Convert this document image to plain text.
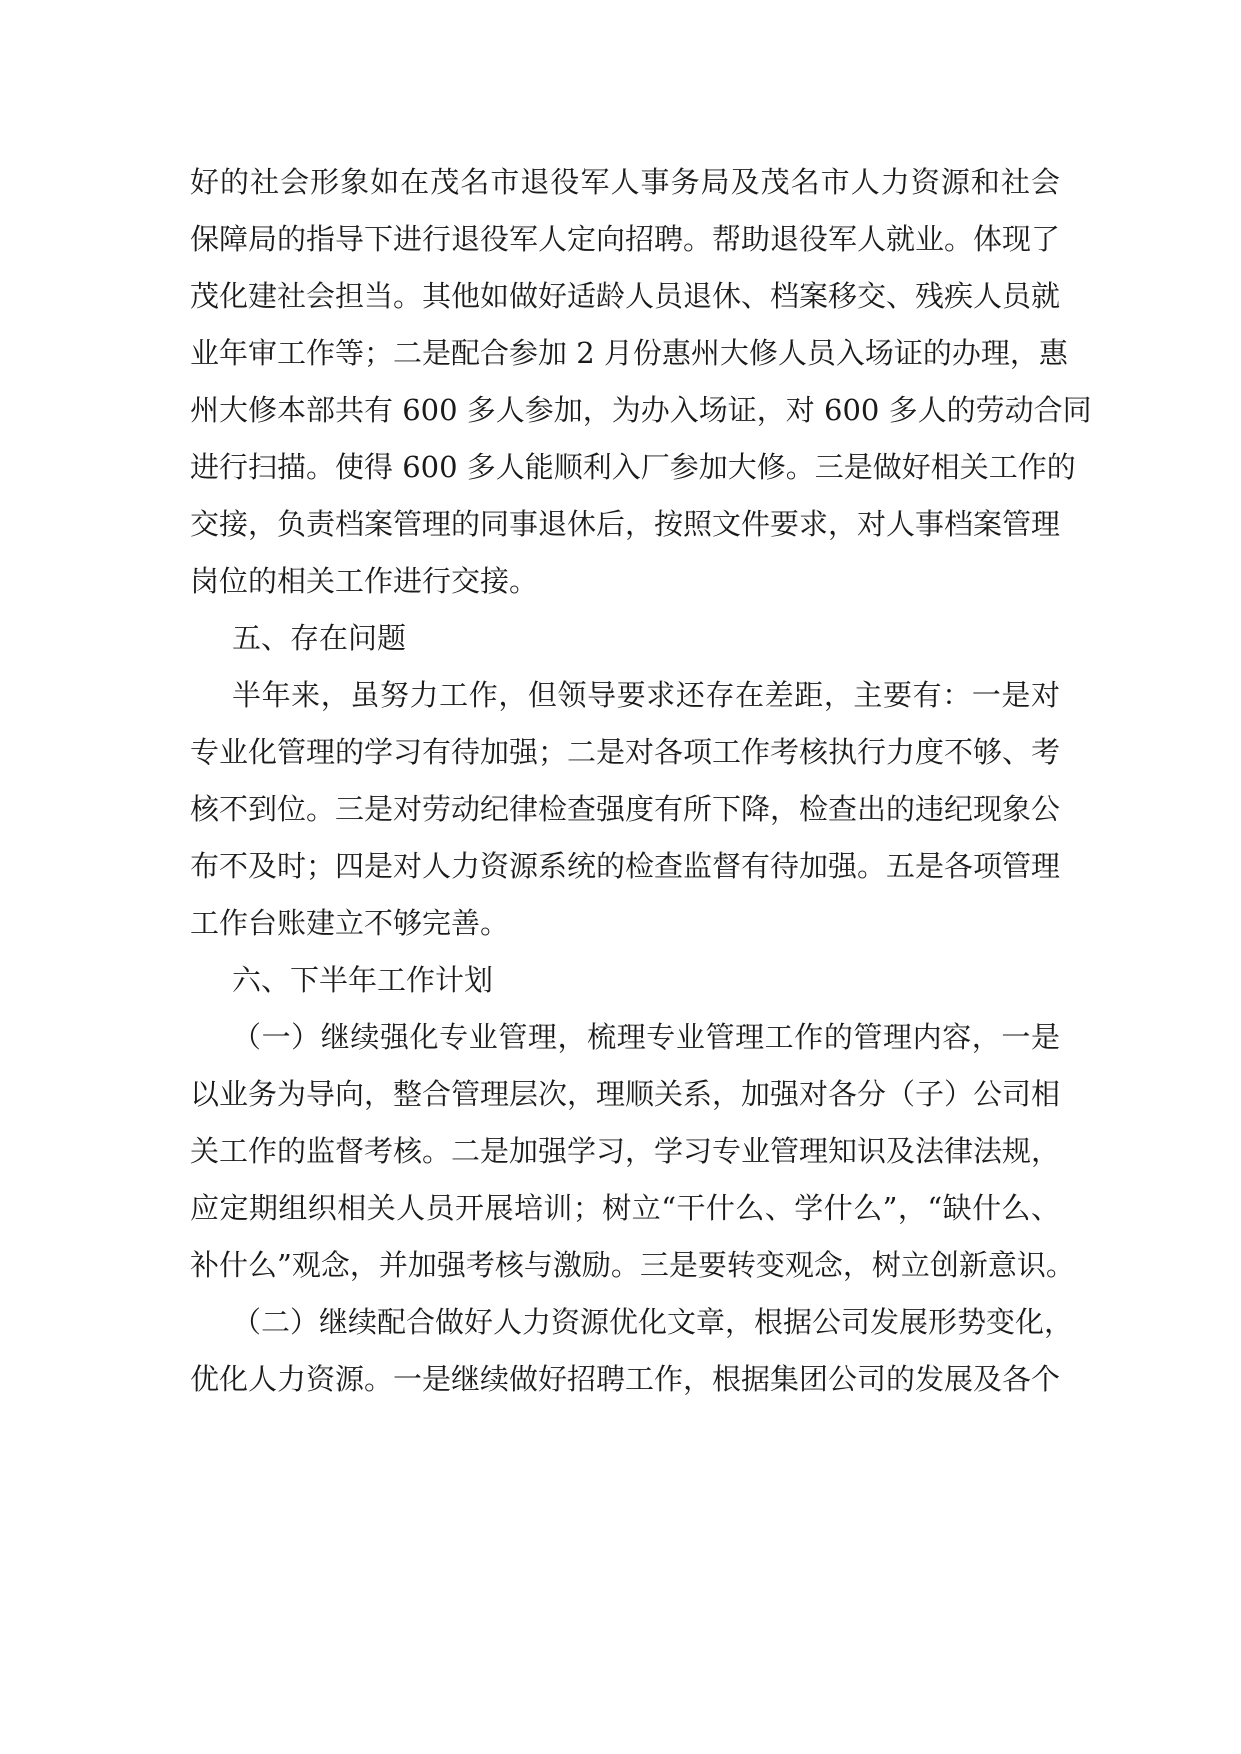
好的社会形象如在茂名市退役军人事务局及茂名市人力资源和社会
保障局的指导下进行退役军人定向招聘。帮助退役军人就业。体现了
茂化建社会担当。其他如做好适龄人员退休、档案移交、残疾人员就
业年审工作等；二是配合参加 2 月份惠州大修人员入场证的办理，惠
州大修本部共有 600 多人参加，为办入场证，对 600 多人的劳动合同
进行扫描。使得 600 多人能顺利入厂参加大修。三是做好相关工作的
交接，负责档案管理的同事退休后，按照文件要求，对人事档案管理
岗位的相关工作进行交接。
五、存在问题
半年来，虽努力工作，但领导要求还存在差距，主要有：一是对
专业化管理的学习有待加强；二是对各项工作考核执行力度不够、考
核不到位。三是对劳动纪律检查强度有所下降，检查出的违纪现象公
布不及时；四是对人力资源系统的检查监督有待加强。五是各项管理
工作台账建立不够完善。
六、下半年工作计划
（一）继续强化专业管理，梳理专业管理工作的管理内容，一是
以业务为导向，整合管理层次，理顺关系，加强对各分（子）公司相
关工作的监督考核。二是加强学习，学习专业管理知识及法律法规，
应定期组织相关人员开展培训；树立“干什么、学什么”，“缺什么、
补什么”观念，并加强考核与激励。三是要转变观念，树立创新意识。
（二）继续配合做好人力资源优化文章，根据公司发展形势变化，
优化人力资源。一是继续做好招聘工作，根据集团公司的发展及各个
